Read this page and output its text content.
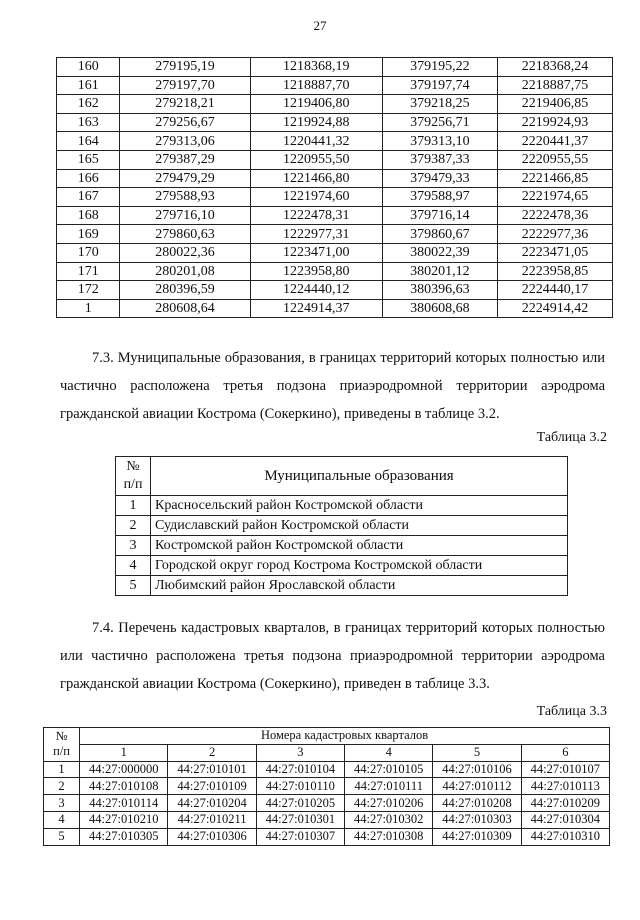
27
160	279195,19	1218368,19	379195,22	2218368,24
161	279197,70	1218887,70	379197,74	2218887,75
162	279218,21	1219406,80	379218,25	2219406,85
163	279256,67	1219924,88	379256,71	2219924,93
164	279313,06	1220441,32	379313,10	2220441,37
165	279387,29	1220955,50	379387,33	2220955,55
166	279479,29	1221466,80	379479,33	2221466,85
167	279588,93	1221974,60	379588,97	2221974,65
168	279716,10	1222478,31	379716,14	2222478,36
169	279860,63	1222977,31	379860,67	2222977,36
170	280022,36	1223471,00	380022,39	2223471,05
171	280201,08	1223958,80	380201,12	2223958,85
172	280396,59	1224440,12	380396,63	2224440,17
1	280608,64	1224914,37	380608,68	2224914,42
7.3. Муниципальные образования, в границах территорий которых полностью или частично расположена третья подзона приаэродромной территории аэродрома гражданской авиации Кострома (Сокеркино), приведены в таблице 3.2.
Таблица 3.2
№
п/п	Муниципальные образования
1	Красносельский район Костромской области
2	Судиславский район Костромской области
3	Костромской район Костромской области
4	Городской округ город Кострома Костромской области
5	Любимский район Ярославской области
7.4. Перечень кадастровых кварталов, в границах территорий которых полностью или частично расположена третья подзона приаэродромной территории аэродрома гражданской авиации Кострома (Сокеркино), приведен в таблице 3.3.
Таблица 3.3
№
п/п	Номера кадастровых кварталов					
	1	2	3	4	5	6
1	44:27:000000	44:27:010101	44:27:010104	44:27:010105	44:27:010106	44:27:010107
2	44:27:010108	44:27:010109	44:27:010110	44:27:010111	44:27:010112	44:27:010113
3	44:27:010114	44:27:010204	44:27:010205	44:27:010206	44:27:010208	44:27:010209
4	44:27:010210	44:27:010211	44:27:010301	44:27:010302	44:27:010303	44:27:010304
5	44:27:010305	44:27:010306	44:27:010307	44:27:010308	44:27:010309	44:27:010310
